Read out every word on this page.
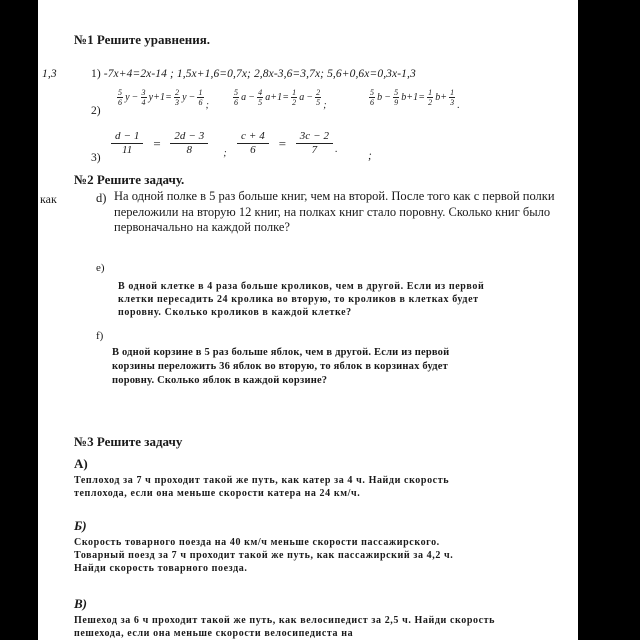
№1 Решите уравнения.
1,3	1) -7x+4=2x-14 ; 1,5x+1,6=0,7x; 2,8x-3,6=3,7x; 5,6+0,6x=0,3x-1,3
2)
$\frac{5}{6}$ $y - \frac{3}{4} y+1= \frac{2}{3}$ $y - \frac{1}{6}$ ;	$\frac{5}{6}$ $a - \frac{4}{5} a+1= \frac{1}{2}$ $a - \frac{2}{5}$ ;	$\frac{5}{6}$ $b - \frac{5}{9} b+1= \frac{1}{2} b+ \frac{1}{3}$ .
3)
$\frac{d - 1}{11} = \frac{2d - 3}{8}$ ; $\frac{c + 4}{6} = \frac{3c - 2}{7}$ .
;
№2 Решите задачу.
как	d) На одной полке в 5 раз больше книг, чем на второй. После того как с первой полки переложили на вторую 12 книг, на полках книг стало поровну. Сколько книг было первоначально на каждой полке?
e)
В одной клетке в 4 раза больше кроликов, чем в другой. Если из первой клетки пересадить 24 кролика во вторую, то кроликов в клетках будет поровну. Сколько кроликов в каждой клетке?
f)
В одной корзине в 5 раз больше яблок, чем в другой. Если из первой корзины переложить 36 яблок во вторую, то яблок в корзинах будет поровну. Сколько яблок в каждой корзине?
№3 Решите задачу
А)
Теплоход за 7 ч проходит такой же путь, как катер за 4 ч. Найди скорость теплохода, если она меньше скорости катера на 24 км/ч.
Б)
Скорость товарного поезда на 40 км/ч меньше скорости пассажирского. Товарный поезд за 7 ч проходит такой же путь, как пассажирский за 4,2 ч. Найди скорость товарного поезда.
В)
Пешеход за 6 ч проходит такой же путь, как велосипедист за 2,5 ч. Найди скорость пешехода, если она меньше скорости велосипедиста на
